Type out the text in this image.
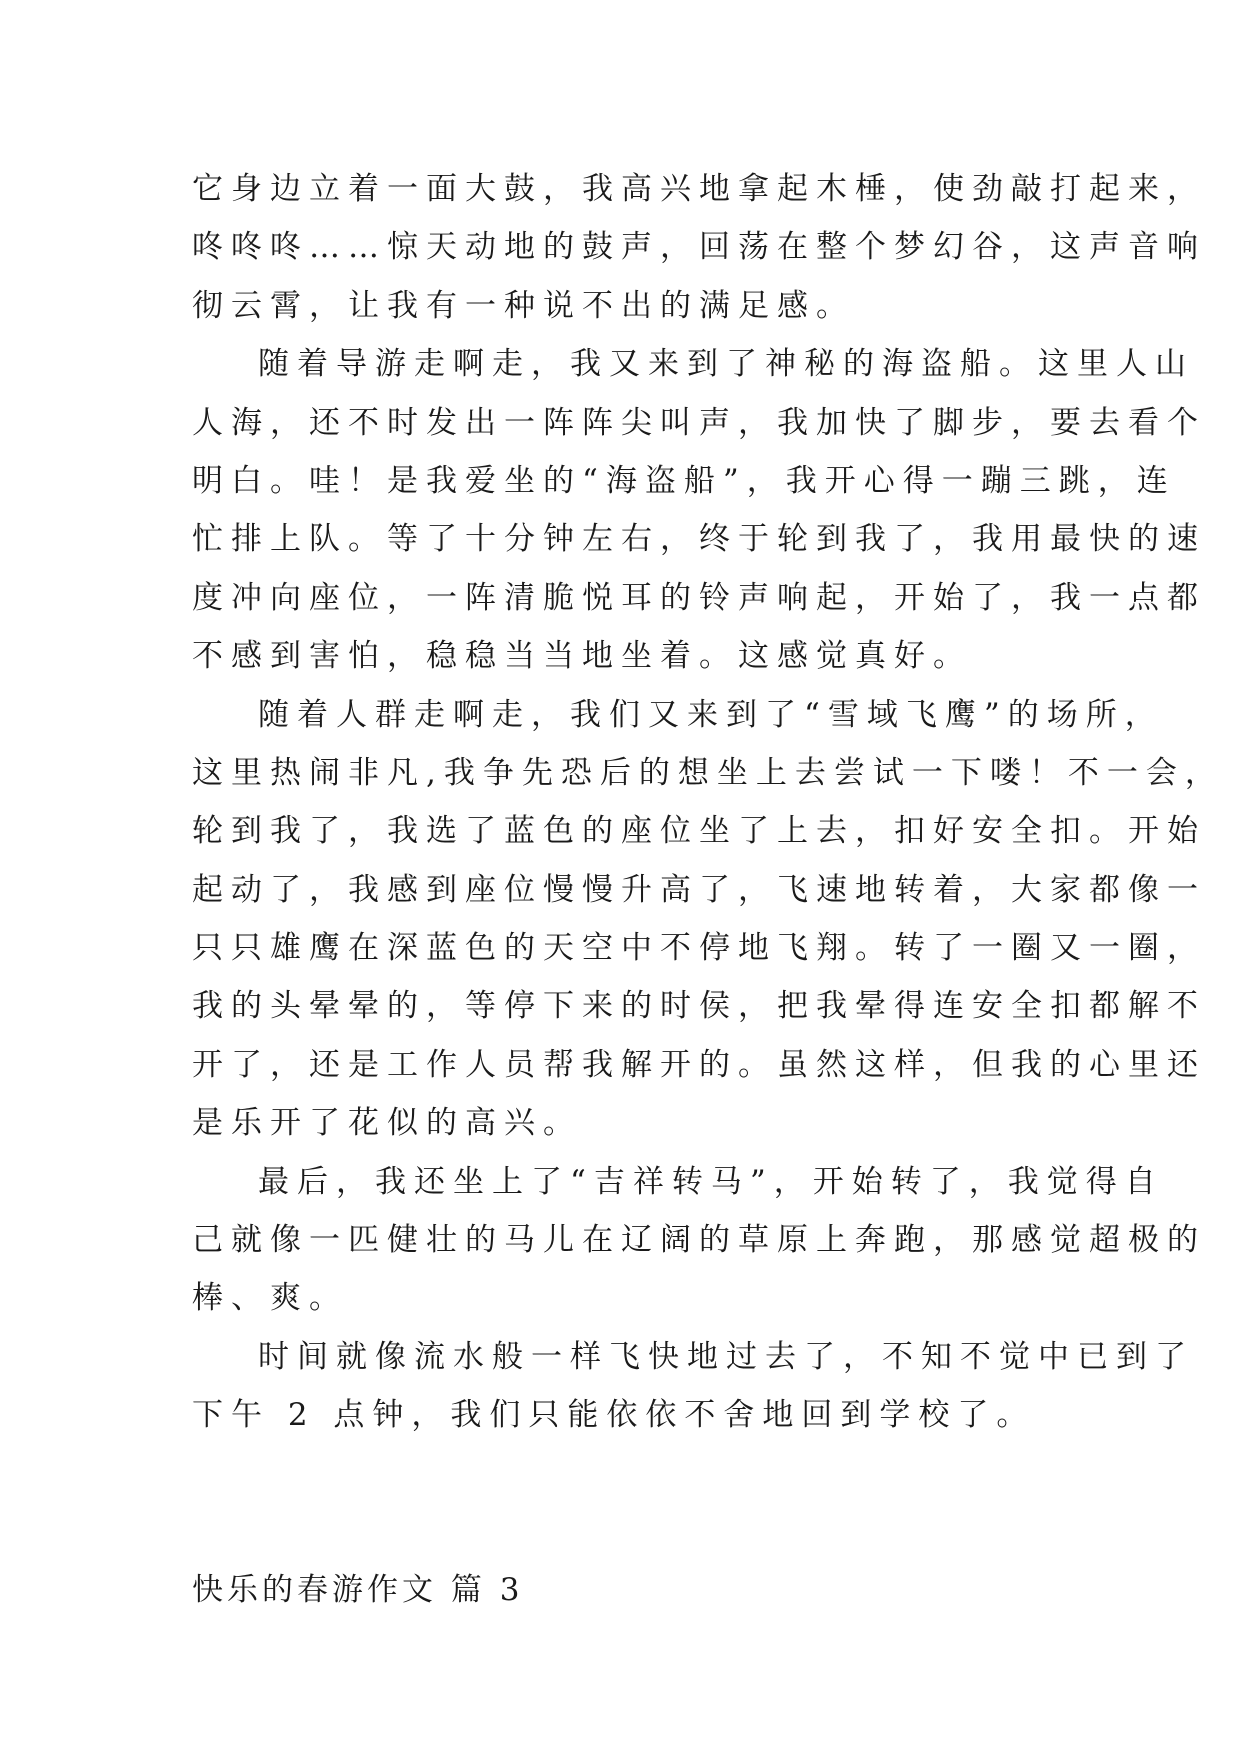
它身边立着一面大鼓，我高兴地拿起木棰，使劲敲打起来，
咚咚咚……惊天动地的鼓声，回荡在整个梦幻谷，这声音响
彻云霄，让我有一种说不出的满足感。
随着导游走啊走，我又来到了神秘的海盗船。这里人山
人海，还不时发出一阵阵尖叫声，我加快了脚步，要去看个
明白。哇！是我爱坐的“海盗船”，我开心得一蹦三跳，连
忙排上队。等了十分钟左右，终于轮到我了，我用最快的速
度冲向座位，一阵清脆悦耳的铃声响起，开始了，我一点都
不感到害怕，稳稳当当地坐着。这感觉真好。
随着人群走啊走，我们又来到了“雪域飞鹰”的场所，
这里热闹非凡,我争先恐后的想坐上去尝试一下喽！不一会，
轮到我了，我选了蓝色的座位坐了上去，扣好安全扣。开始
起动了，我感到座位慢慢升高了，飞速地转着，大家都像一
只只雄鹰在深蓝色的天空中不停地飞翔。转了一圈又一圈，
我的头晕晕的，等停下来的时侯，把我晕得连安全扣都解不
开了，还是工作人员帮我解开的。虽然这样，但我的心里还
是乐开了花似的高兴。
最后，我还坐上了“吉祥转马”，开始转了，我觉得自
己就像一匹健壮的马儿在辽阔的草原上奔跑，那感觉超极的
棒、爽。
时间就像流水般一样飞快地过去了，不知不觉中已到了
下午 2 点钟，我们只能依依不舍地回到学校了。
快乐的春游作文 篇 3
